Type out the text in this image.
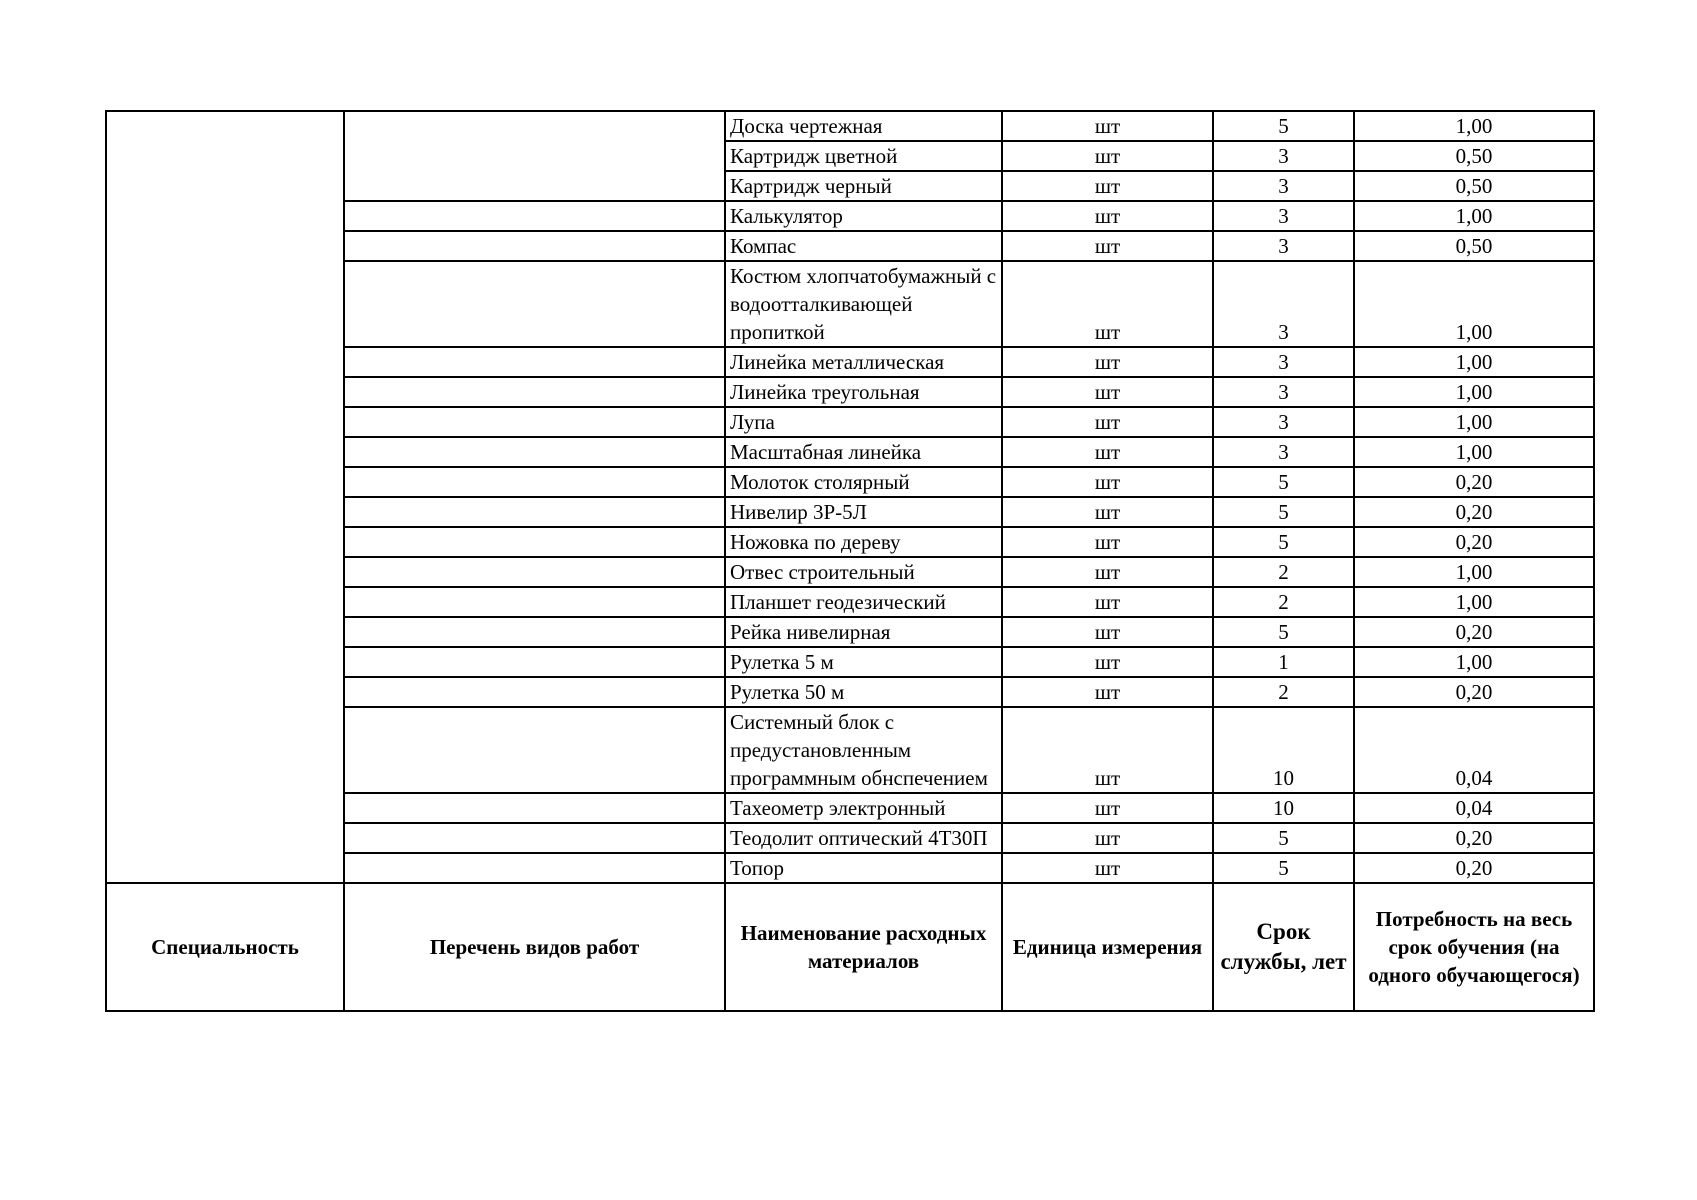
		Доска чертежная	шт	5	1,00
		Картридж цветной	шт	3	0,50
		Картридж черный	шт	3	0,50
		Калькулятор	шт	3	1,00
		Компас	шт	3	0,50
		Костюм хлопчатобумажный с водоотталкивающей пропиткой	шт	3	1,00
		Линейка металлическая	шт	3	1,00
		Линейка треугольная	шт	3	1,00
		Лупа	шт	3	1,00
		Масштабная линейка	шт	3	1,00
		Молоток столярный	шт	5	0,20
		Нивелир 3Р-5Л	шт	5	0,20
		Ножовка по дереву	шт	5	0,20
		Отвес строительный	шт	2	1,00
		Планшет геодезический	шт	2	1,00
		Рейка нивелирная	шт	5	0,20
		Рулетка 5 м	шт	1	1,00
		Рулетка 50 м	шт	2	0,20
		Системный блок с предустановленным программным обнспечением	шт	10	0,04
		Тахеометр электронный	шт	10	0,04
		Теодолит оптический 4Т30П	шт	5	0,20
		Топор	шт	5	0,20
Специальность	Перечень видов работ	Наименование расходных материалов	Единица измерения	Срок службы, лет	Потребность на весь срок обучения (на одного обучающегося)
